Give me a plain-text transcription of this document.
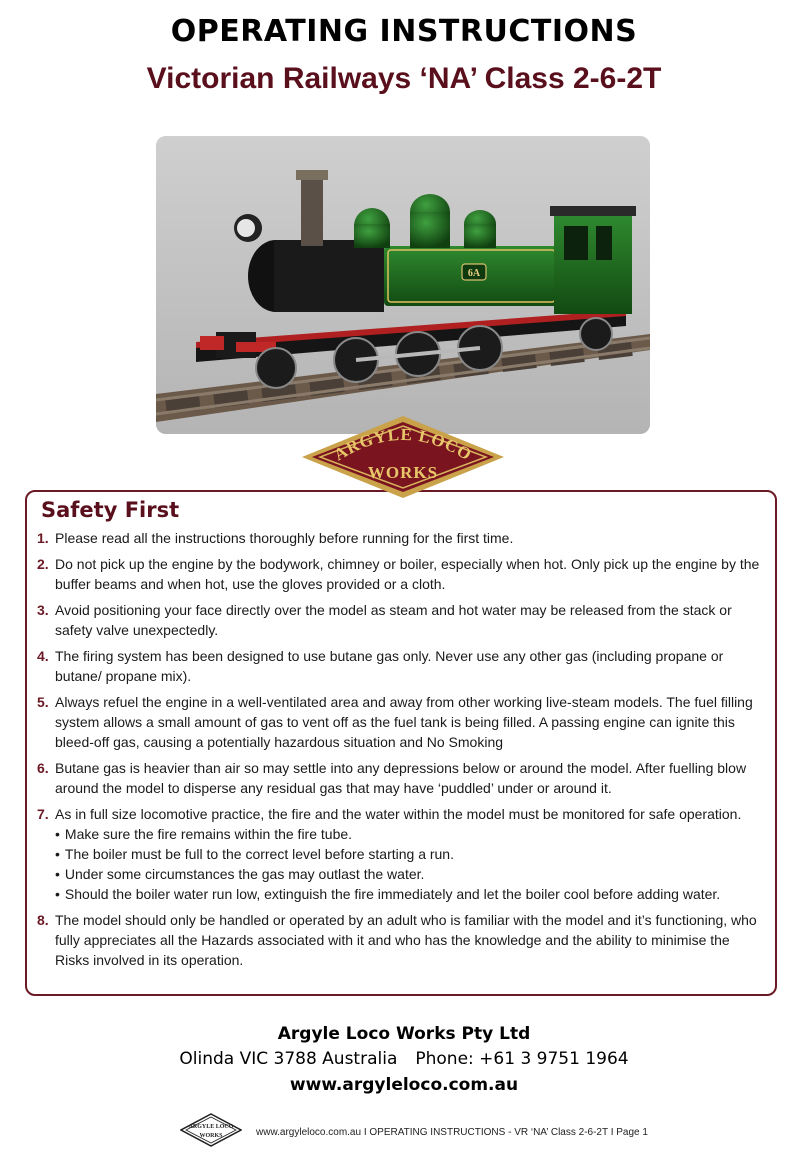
OPERATING INSTRUCTIONS
Victorian Railways ‘NA’ Class 2-6-2T
6A
ARGYLE LOCO
WORKS
Safety First
1. Please read all the instructions thoroughly before running for the first time.
2. Do not pick up the engine by the bodywork, chimney or boiler, especially when hot. Only pick up the engine by the buffer beams and when hot, use the gloves provided or a cloth.
3. Avoid positioning your face directly over the model as steam and hot water may be released from the stack or safety valve unexpectedly.
4. The firing system has been designed to use butane gas only. Never use any other gas (including propane or butane/ propane mix).
5. Always refuel the engine in a well-ventilated area and away from other working live-steam models. The fuel filling system allows a small amount of gas to vent off as the fuel tank is being filled. A passing engine can ignite this bleed-off gas, causing a potentially hazardous situation and No Smoking
6. Butane gas is heavier than air so may settle into any depressions below or around the model. After fuelling blow around the model to disperse any residual gas that may have ‘puddled’ under or around it.
7. As in full size locomotive practice, the fire and the water within the model must be monitored for safe operation.
• Make sure the fire remains within the fire tube.
• The boiler must be full to the correct level before starting a run.
• Under some circumstances the gas may outlast the water.
• Should the boiler water run low, extinguish the fire immediately and let the boiler cool before adding water.
8. The model should only be handled or operated by an adult who is familiar with the model and it’s functioning, who fully appreciates all the Hazards associated with it and who has the knowledge and the ability to minimise the Risks involved in its operation.
Argyle Loco Works Pty Ltd
Olinda VIC 3788 Australia Phone: +61 3 9751 1964
www.argyleloco.com.au
ARGYLE LOCO
WORKS	www.argyleloco.com.au I OPERATING INSTRUCTIONS - VR ‘NA’ Class 2-6-2T I Page 1
